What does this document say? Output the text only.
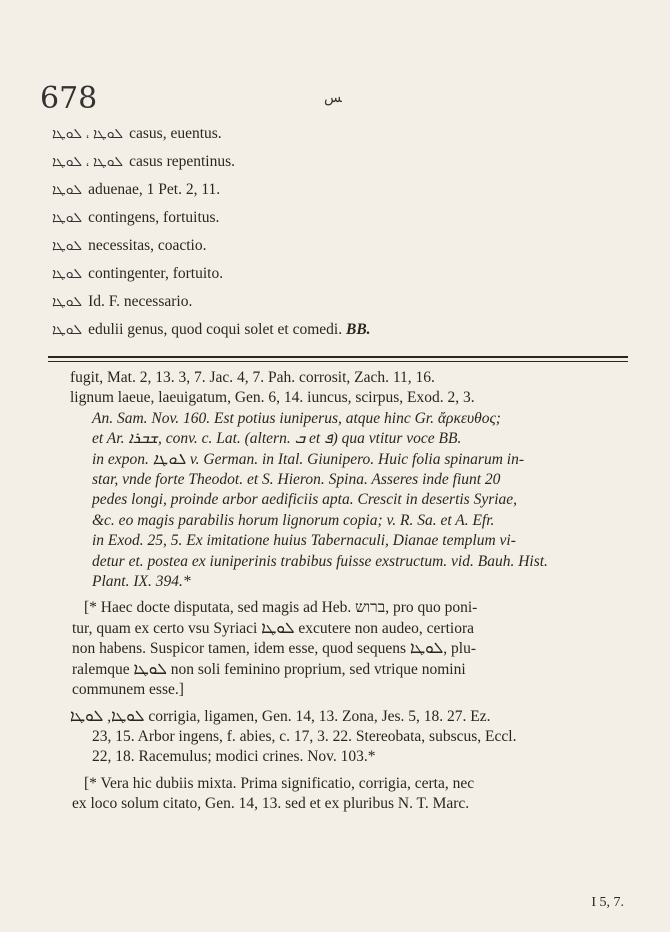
678	ﺲ
ܠܘܛܐ ، ܠܘܛܐ casus, euentus.
ܠܘܛܐ ، ܠܘܛܐ casus repentinus.
ܠܘܛܐ aduenae, 1 Pet. 2, 11.
ܠܘܛܐ contingens, fortuitus.
ܠܘܛܐ necessitas, coactio.
ܠܘܛܐ contingenter, fortuito.
ܠܘܛܐ Id. F. necessario.
ܠܘܛܐ edulii genus, quod coqui solet et comedi. BB.

fugit, Mat. 2, 13. 3, 7. Jac. 4, 7. Pah. corrosit, Zach. 11, 16.

lignum laeue, laeuigatum, Gen. 6, 14. iuncus, scirpus, Exod. 2, 3.

An. Sam. Nov. 160. Est potius iuniperus, atque hinc Gr. ἄρκευθος;

et Ar. ܫܒܪܐ, conv. c. Lat. (altern. ܒ et ܦ) qua vtitur voce BB.

in expon. ܠܘܛܐ v. German. in Ital. Giunipero. Huic folia spinarum in-

star, vnde forte Theodot. et S. Hieron. Spina. Asseres inde fiunt 20

pedes longi, proinde arbor aedificiis apta. Crescit in desertis Syriae,

&c. eo magis parabilis horum lignorum copia; v. R. Sa. et A. Efr.

in Exod. 25, 5. Ex imitatione huius Tabernaculi, Dianae templum vi-

detur et. postea ex iuniperinis trabibus fuisse exstructum. vid. Bauh. Hist.

Plant. IX. 394.*

[* Haec docte disputata, sed magis ad Heb. ברוש, pro quo poni-

tur, quam ex certo vsu Syriaci ܠܘܛܐ excutere non audeo, certiora

non habens. Suspicor tamen, idem esse, quod sequens ܠܘܛܐ, plu-

ralemque ܠܘܛܐ non soli feminino proprium, sed vtrique nomini

communem esse.]

ܠܘܛܐ, ܠܘܛܐ corrigia, ligamen, Gen. 14, 13. Zona, Jes. 5, 18. 27. Ez.

23, 15. Arbor ingens, f. abies, c. 17, 3. 22. Stereobata, subscus, Eccl.

22, 18. Racemulus; modici crines. Nov. 103.*

[* Vera hic dubiis mixta. Prima significatio, corrigia, certa, nec

ex loco solum citato, Gen. 14, 13. sed et ex pluribus N. T. Marc.

I 5, 7.
